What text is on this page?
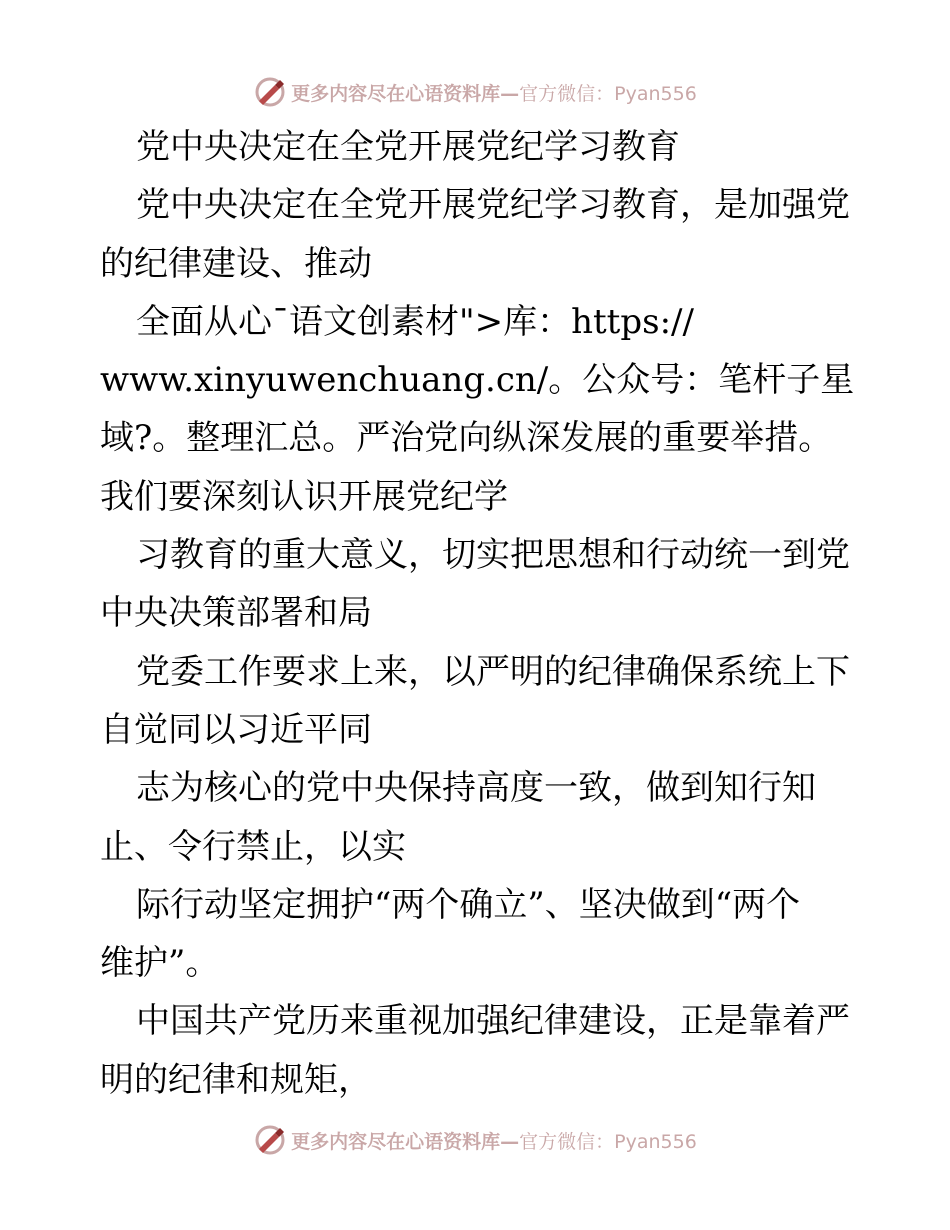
更多内容尽在心语资料库—官方微信：Pyan556
党中央决定在全党开展党纪学习教育
党中央决定在全党开展党纪学习教育，是加强党
的纪律建设、推动
全面从心¯语文创素材">库：https://
www.xinyuwenchuang.cn/。公众号：笔杆子星
域?。整理汇总。严治党向纵深发展的重要举措。
我们要深刻认识开展党纪学
习教育的重大意义，切实把思想和行动统一到党
中央决策部署和局
党委工作要求上来，以严明的纪律确保系统上下
自觉同以习近平同
志为核心的党中央保持高度一致，做到知行知
止、令行禁止，以实
际行动坚定拥护“两个确立”、坚决做到“两个
维护”。
中国共产党历来重视加强纪律建设，正是靠着严
明的纪律和规矩，
更多内容尽在心语资料库—官方微信：Pyan556
